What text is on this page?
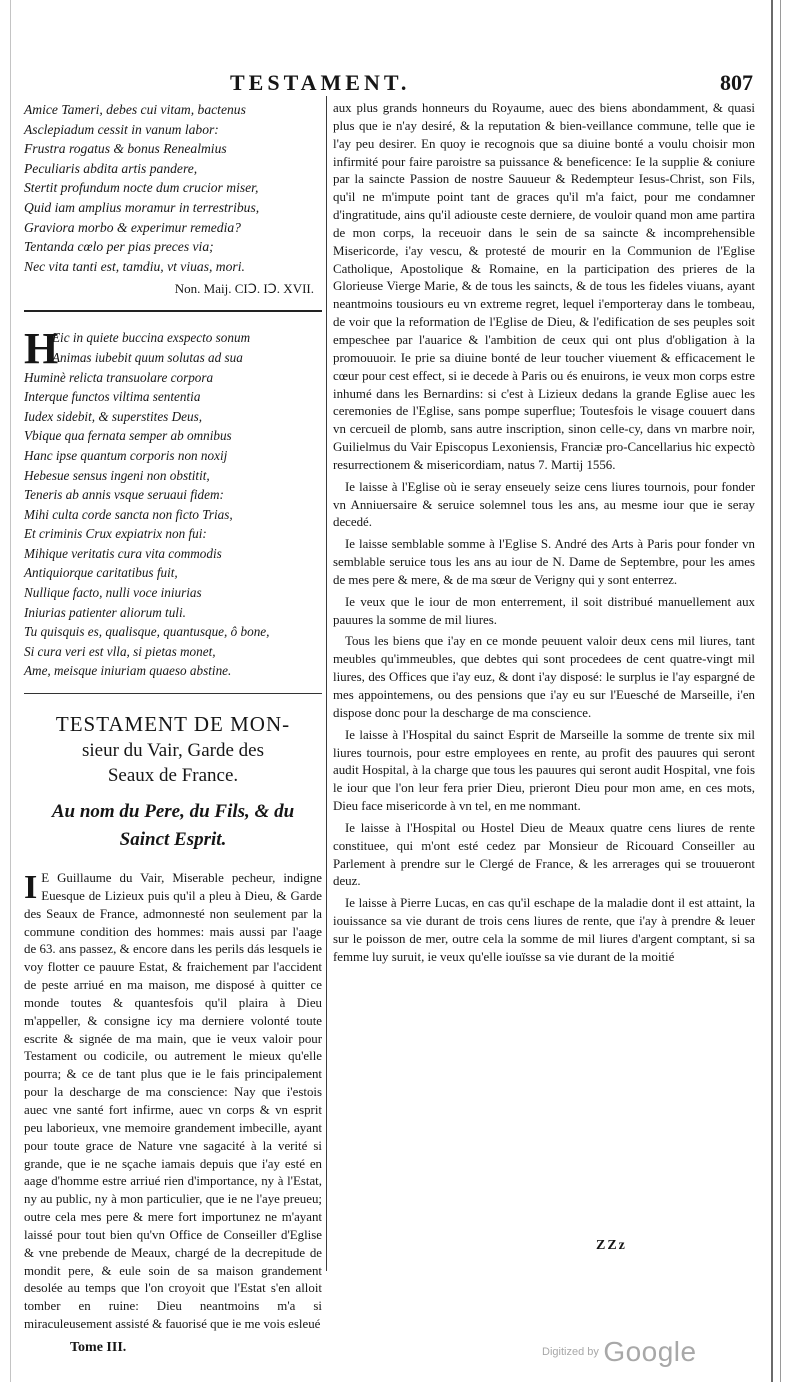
TESTAMENT.	807
Amice Tameri, debes cui vitam, bactenus
Asclepiadum cessit in vanum labor:
Frustra rogatus & bonus Renealmius
Peculiaris abdita artis pandere,
Stertit profundum nocte dum crucior miser,
Quid iam amplius moramur in terrestribus,
Graviora morbo & experimur remedia?
Tentanda cœlo per pias preces via;
Nec vita tanti est, tamdiu, vt viuas, mori.
Non. Maij. CIↃ. IↃ. XVII.
H
Eic in quiete buccina exspecto sonum
Animas iubebit quum solutas ad sua
Huminè relicta transuolare corpora
Interque functos viltima sententia
Iudex sidebit, & superstites Deus,
Vbique qua fernata semper ab omnibus
Hanc ipse quantum corporis non noxij
Hebesue sensus ingeni non obstitit,
Teneris ab annis vsque seruaui fidem:
Mihi culta corde sancta non ficto Trias,
Et criminis Crux expiatrix non fui:
Mihique veritatis cura vita commodis
Antiquiorque caritatibus fuit,
Nullique facto, nulli voce iniurias
Iniurias patienter aliorum tuli.
Tu quisquis es, qualisque, quantusque, ô bone,
Si cura veri est vlla, si pietas monet,
Ame, meisque iniuriam quaeso abstine.
TESTAMENT DE MON-
sieur du Vair, Garde des
Seaux de France.
Au nom du Pere, du Fils, & du
Sainct Esprit.

I E Guillaume du Vair, Miserable pecheur, indigne Euesque de Lizieux puis qu'il a pleu à Dieu, & Garde des Seaux de France, admonnesté non seulement par la commune condition des hommes: mais aussi par l'aage de 63. ans passez, & encore dans les perils dás lesquels ie voy flotter ce pauure Estat, & fraichement par l'accident de peste arriué en ma maison, me disposé à quitter ce monde toutes & quantesfois qu'il plaira à Dieu m'appeller, & consigne icy ma derniere volonté toute escrite & signée de ma main, que ie veux valoir pour Testament ou codicile, ou autrement le mieux qu'elle pourra; & ce de tant plus que ie le fais principalement pour la descharge de ma conscience: Nay que i'estois auec vne santé fort infirme, auec vn corps & vn esprit peu laborieux, vne memoire grandement imbecille, ayant pour toute grace de Nature vne sagacité à la verité si grande, que ie ne sçache iamais depuis que i'ay esté en aage d'homme estre arriué rien d'importance, ny à l'Estat, ny au public, ny à mon particulier, que ie ne l'aye preueu; outre cela mes pere & mere fort importunez ne m'ayant laissé pour tout bien qu'vn Office de Conseiller d'Eglise & vne prebende de Meaux, chargé de la decrepitude de mondit pere, & eule soin de sa maison grandement desolée au temps que l'on croyoit que l'Estat s'en alloit tomber en ruine: Dieu neantmoins m'a si miraculeusement assisté & fauorisé que ie me vois esleué

Tome III.

aux plus grands honneurs du Royaume, auec des biens abondamment, & quasi plus que ie n'ay desiré, & la reputation & bien-veillance commune, telle que ie l'ay peu desirer. En quoy ie recognois que sa diuine bonté a voulu choisir mon infirmité pour faire paroistre sa puissance & beneficence: Ie la supplie & coniure par la saincte Passion de nostre Sauueur & Redempteur Iesus-Christ, son Fils, qu'il ne m'impute point tant de graces qu'il m'a faict, pour me condamner d'ingratitude, ains qu'il adiouste ceste derniere, de vouloir quand mon ame partira de mon corps, la receuoir dans le sein de sa saincte & incomprehensible Misericorde, i'ay vescu, & protesté de mourir en la Communion de l'Eglise Catholique, Apostolique & Romaine, en la participation des prieres de la Glorieuse Vierge Marie, & de tous les saincts, & de tous les fideles viuans, ayant neantmoins tousiours eu vn extreme regret, lequel i'emporteray dans le tombeau, de voir que la reformation de l'Eglise de Dieu, & l'edification de ses peuples soit empeschee par l'auarice & l'ambition de ceux qui ont plus d'obligation à la promouuoir. Ie prie sa diuine bonté de leur toucher viuement & efficacement le cœur pour cest effect, si ie decede à Paris ou és enuirons, ie veux mon corps estre inhumé dans les Bernardins: si c'est à Lizieux dedans la grande Eglise auec les ceremonies de l'Eglise, sans pompe superflue; Toutesfois le visage couuert dans vn cercueil de plomb, sans autre inscription, sinon celle-cy, dans vn marbre noir, Guilielmus du Vair Episcopus Lexoniensis, Franciæ pro-Cancellarius hic expectò resurrectionem & misericordiam, natus 7. Martij 1556.

Ie laisse à l'Eglise où ie seray enseuely seize cens liures tournois, pour fonder vn Anniuersaire & seruice solemnel tous les ans, au mesme iour que ie seray decedé.

Ie laisse semblable somme à l'Eglise S. André des Arts à Paris pour fonder vn semblable seruice tous les ans au iour de N. Dame de Septembre, pour les ames de mes pere & mere, & de ma sœur de Verigny qui y sont enterrez.

Ie veux que le iour de mon enterrement, il soit distribué manuellement aux pauures la somme de mil liures.

Tous les biens que i'ay en ce monde peuuent valoir deux cens mil liures, tant meubles qu'immeubles, que debtes qui sont procedees de cent quatre-vingt mil liures, des Offices que i'ay euz, & dont i'ay disposé: le surplus ie l'ay espargné de mes appointemens, ou des pensions que i'ay eu sur l'Euesché de Marseille, i'en dispose donc pour la descharge de ma conscience.

Ie laisse à l'Hospital du sainct Esprit de Marseille la somme de trente six mil liures tournois, pour estre employees en rente, au profit des pauures qui seront audit Hospital, à la charge que tous les pauures qui seront audit Hospital, vne fois le iour que l'on leur fera prier Dieu, prieront Dieu pour mon ame, en ces mots, Dieu face misericorde à vn tel, en me nommant.

Ie laisse à l'Hospital ou Hostel Dieu de Meaux quatre cens liures de rente constituee, qui m'ont esté cedez par Monsieur de Ricouard Conseiller au Parlement à prendre sur le Clergé de France, & les arrerages qui se trouueront deuz.

Ie laisse à Pierre Lucas, en cas qu'il eschape de la maladie dont il est attaint, la iouissance sa vie durant de trois cens liures de rente, que i'ay à prendre & leuer sur le poisson de mer, outre cela la somme de mil liures d'argent comptant, si sa femme luy suruit, ie veux qu'elle iouïsse sa vie durant de la moitié

ZZz
Digitized by Google
